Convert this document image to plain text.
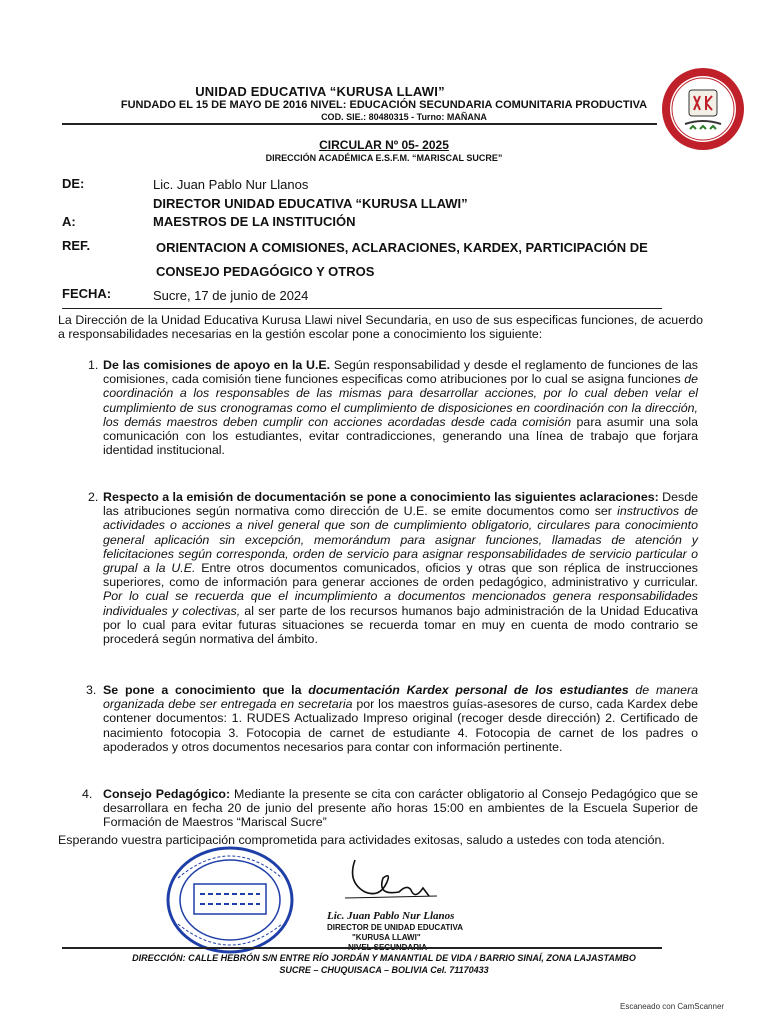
UNIDAD EDUCATIVA “KURUSA LLAWI”
FUNDADO EL 15 DE MAYO DE 2016 NIVEL: EDUCACIÓN SECUNDARIA COMUNITARIA PRODUCTIVA
COD. SIE.: 80480315 - Turno: MAÑANA
CIRCULAR Nº 05- 2025
DIRECCIÓN ACADÉMICA E.S.F.M. “MARISCAL SUCRE”
DE:	Lic. Juan Pablo Nur Llanos
DIRECTOR UNIDAD EDUCATIVA “KURUSA LLAWI”
A:	MAESTROS DE LA INSTITUCIÓN
REF.	ORIENTACION A COMISIONES, ACLARACIONES, KARDEX, PARTICIPACIÓN DE
CONSEJO PEDAGÓGICO Y OTROS
FECHA:	Sucre, 17 de junio de 2024
La Dirección de la Unidad Educativa Kurusa Llawi nivel Secundaria, en uso de sus especificas funciones, de acuerdo a responsabilidades necesarias en la gestión escolar pone a conocimiento los siguiente:
1. De las comisiones de apoyo en la U.E. Según responsabilidad y desde el reglamento de funciones de las comisiones, cada comisión tiene funciones especificas como atribuciones por lo cual se asigna funciones de coordinación a los responsables de las mismas para desarrollar acciones, por lo cual deben velar el cumplimiento de sus cronogramas como el cumplimiento de disposiciones en coordinación con la dirección, los demás maestros deben cumplir con acciones acordadas desde cada comisión para asumir una sola comunicación con los estudiantes, evitar contradicciones, generando una línea de trabajo que forjara identidad institucional.
2. Respecto a la emisión de documentación se pone a conocimiento las siguientes aclaraciones: Desde las atribuciones según normativa como dirección de U.E. se emite documentos como ser instructivos de actividades o acciones a nivel general que son de cumplimiento obligatorio, circulares para conocimiento general aplicación sin excepción, memorándum para asignar funciones, llamadas de atención y felicitaciones según corresponda, orden de servicio para asignar responsabilidades de servicio particular o grupal a la U.E. Entre otros documentos comunicados, oficios y otras que son réplica de instrucciones superiores, como de información para generar acciones de orden pedagógico, administrativo y curricular. Por lo cual se recuerda que el incumplimiento a documentos mencionados genera responsabilidades individuales y colectivas, al ser parte de los recursos humanos bajo administración de la Unidad Educativa por lo cual para evitar futuras situaciones se recuerda tomar en muy en cuenta de modo contrario se procederá según normativa del ámbito.
3. Se pone a conocimiento que la documentación Kardex personal de los estudiantes de manera organizada debe ser entregada en secretaria por los maestros guías-asesores de curso, cada Kardex debe contener documentos: 1. RUDES Actualizado Impreso original (recoger desde dirección) 2. Certificado de nacimiento fotocopia 3. Fotocopia de carnet de estudiante 4. Fotocopia de carnet de los padres o apoderados y otros documentos necesarios para contar con información pertinente.
4. Consejo Pedagógico: Mediante la presente se cita con carácter obligatorio al Consejo Pedagógico que se desarrollara en fecha 20 de junio del presente año horas 15:00 en ambientes de la Escuela Superior de Formación de Maestros “Mariscal Sucre”
Esperando vuestra participación comprometida para actividades exitosas, saludo a ustedes con toda atención.
Lic. Juan Pablo Nur Llanos
DIRECTOR DE UNIDAD EDUCATIVA
"KURUSA LLAWI"
NIVEL SECUNDARIA
DIRECCIÓN: CALLE HEBRÓN S/N ENTRE RÍO JORDÁN Y MANANTIAL DE VIDA / BARRIO SINAÍ, ZONA LAJASTAMBO
SUCRE – CHUQUISACA – BOLIVIA Cel. 71170433
Escaneado con CamScanner
